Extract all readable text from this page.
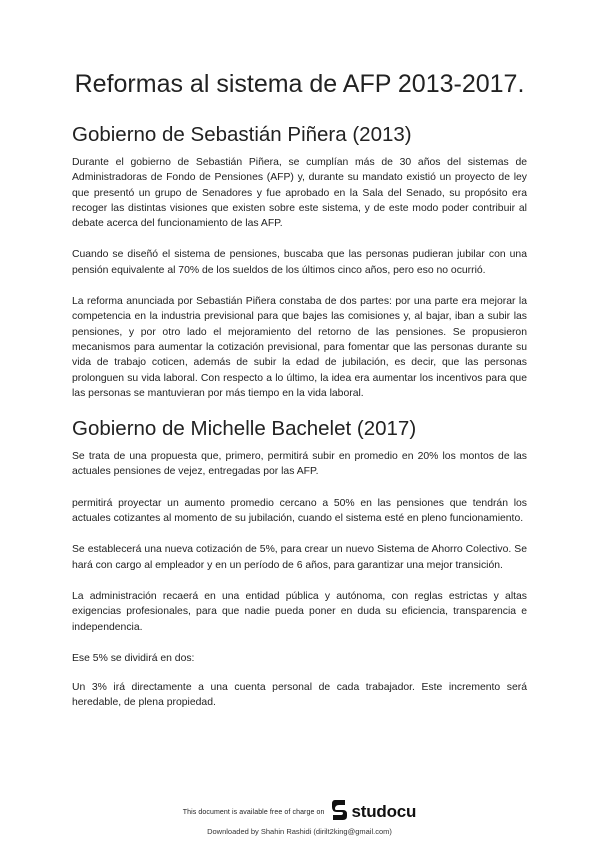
Reformas al sistema de AFP 2013-2017.
Gobierno de Sebastián Piñera (2013)

Durante el gobierno de Sebastián Piñera, se cumplían más de 30 años del sistemas de Administradoras de Fondo de Pensiones (AFP) y, durante su mandato existió un proyecto de ley que presentó un grupo de Senadores y fue aprobado en la Sala del Senado, su propósito era recoger las distintas visiones que existen sobre este sistema, y de este modo poder contribuir al debate acerca del funcionamiento de las AFP.

Cuando se diseñó el sistema de pensiones, buscaba que las personas pudieran jubilar con una pensión equivalente al 70% de los sueldos de los últimos cinco años, pero eso no ocurrió.

La reforma anunciada por Sebastián Piñera constaba de dos partes: por una parte era mejorar la competencia en la industria previsional para que bajes las comisiones y, al bajar, iban a subir las pensiones, y por otro lado el mejoramiento del retorno de las pensiones. Se propusieron mecanismos para aumentar la cotización previsional, para fomentar que las personas durante su vida de trabajo coticen, además de subir la edad de jubilación, es decir, que las personas prolonguen su vida laboral. Con respecto a lo último, la idea era aumentar los incentivos para que las personas se mantuvieran por más tiempo en la vida laboral.

Gobierno de Michelle Bachelet (2017)

Se trata de una propuesta que, primero, permitirá subir en promedio en 20% los montos de las actuales pensiones de vejez, entregadas por las AFP.

permitirá proyectar un aumento promedio cercano a 50% en las pensiones que tendrán los actuales cotizantes al momento de su jubilación, cuando el sistema esté en pleno funcionamiento.

Se establecerá una nueva cotización de 5%, para crear un nuevo Sistema de Ahorro Colectivo. Se hará con cargo al empleador y en un período de 6 años, para garantizar una mejor transición.

La administración recaerá en una entidad pública y autónoma, con reglas estrictas y altas exigencias profesionales, para que nadie pueda poner en duda su eficiencia, transparencia e independencia.

Ese 5% se dividirá en dos:

Un 3% irá directamente a una cuenta personal de cada trabajador. Este incremento será heredable, de plena propiedad.

This document is available free of charge on studocu
Downloaded by Shahin Rashidi (dirilt2king@gmail.com)
